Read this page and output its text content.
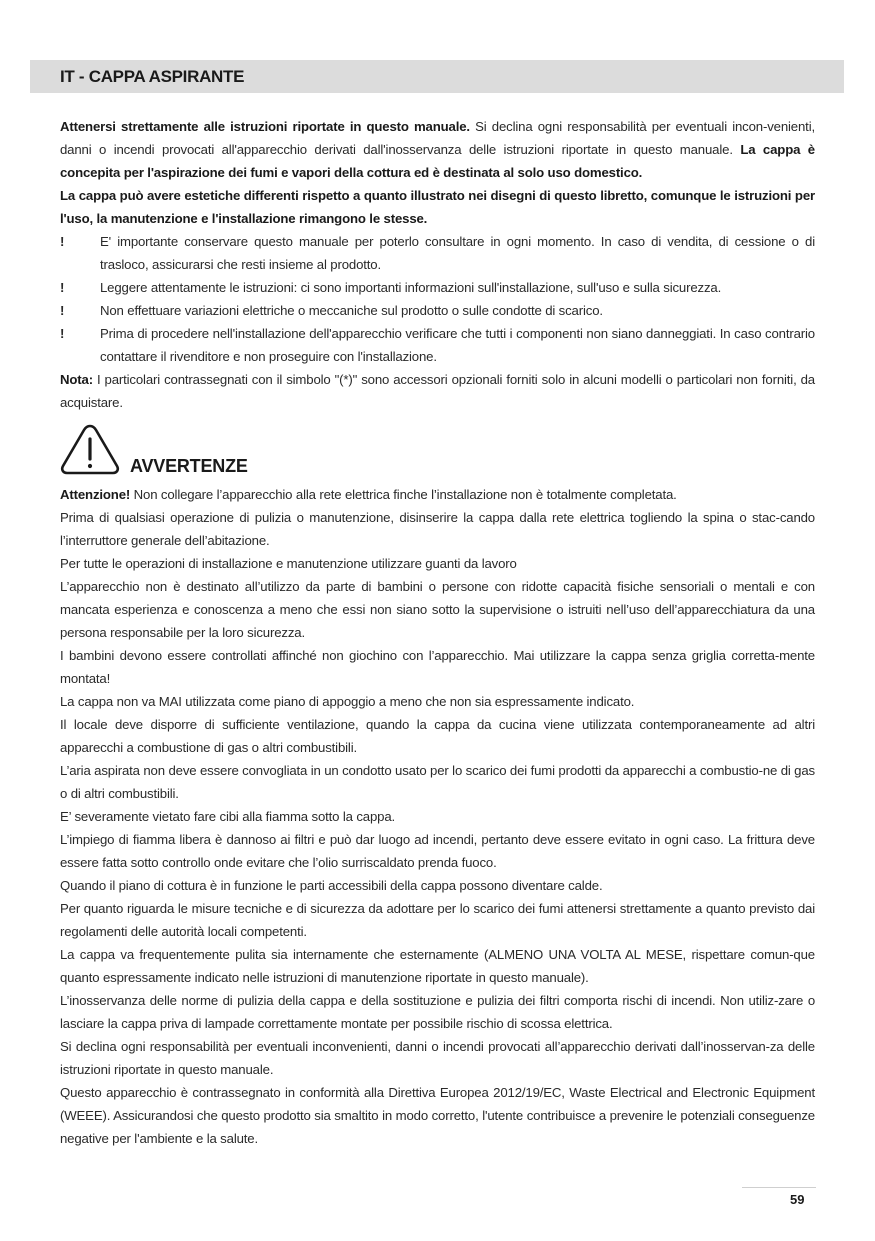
IT - CAPPA ASPIRANTE

Attenersi strettamente alle istruzioni riportate in questo manuale. Si declina ogni responsabilità per eventuali incon-venienti, danni o incendi provocati all'apparecchio derivati dall'inosservanza delle istruzioni riportate in questo manuale. La cappa è concepita per l'aspirazione dei fumi e vapori della cottura ed è destinata al solo uso domestico.

La cappa può avere estetiche differenti rispetto a quanto illustrato nei disegni di questo libretto, comunque le istruzioni per l'uso, la manutenzione e l'installazione rimangono le stesse.

!	E' importante conservare questo manuale per poterlo consultare in ogni momento. In caso di vendita, di cessione o di trasloco, assicurarsi che resti insieme al prodotto.

!	Leggere attentamente le istruzioni: ci sono importanti informazioni sull'installazione, sull'uso e sulla sicurezza.

!	Non effettuare variazioni elettriche o meccaniche sul prodotto o sulle condotte di scarico.

!	Prima di procedere nell'installazione dell'apparecchio verificare che tutti i componenti non siano danneggiati. In caso contrario contattare il rivenditore e non proseguire con l'installazione.

Nota: I particolari contrassegnati con il simbolo "(*)" sono accessori opzionali forniti solo in alcuni modelli o particolari non forniti, da acquistare.

AVVERTENZE

Attenzione! Non collegare l’apparecchio alla rete elettrica finche l’installazione non è totalmente completata.

Prima di qualsiasi operazione di pulizia o manutenzione, disinserire la cappa dalla rete elettrica togliendo la spina o stac-cando l’interruttore generale dell’abitazione.

Per tutte le operazioni di installazione e manutenzione utilizzare guanti da lavoro

L’apparecchio non è destinato all’utilizzo da parte di bambini o persone con ridotte capacità fisiche sensoriali o mentali e con mancata esperienza e conoscenza a meno che essi non siano sotto la supervisione o istruiti nell’uso dell’apparecchiatura da una persona responsabile per la loro sicurezza.

I bambini devono essere controllati affinché non giochino con l’apparecchio. Mai utilizzare la cappa senza griglia corretta-mente montata!

La cappa non va MAI utilizzata come piano di appoggio a meno che non sia espressamente indicato.

Il locale deve disporre di sufficiente ventilazione, quando la cappa da cucina viene utilizzata contemporaneamente ad altri apparecchi a combustione di gas o altri combustibili.

L’aria aspirata non deve essere convogliata in un condotto usato per lo scarico dei fumi prodotti da apparecchi a combustio-ne di gas o di altri combustibili.

E’ severamente vietato fare cibi alla fiamma sotto la cappa.

L’impiego di fiamma libera è dannoso ai filtri e può dar luogo ad incendi, pertanto deve essere evitato in ogni caso. La frittura deve essere fatta sotto controllo onde evitare che l’olio surriscaldato prenda fuoco.

Quando il piano di cottura è in funzione le parti accessibili della cappa possono diventare calde.

Per quanto riguarda le misure tecniche e di sicurezza da adottare per lo scarico dei fumi attenersi strettamente a quanto previsto dai regolamenti delle autorità locali competenti.

La cappa va frequentemente pulita sia internamente che esternamente (ALMENO UNA VOLTA AL MESE, rispettare comun-que quanto espressamente indicato nelle istruzioni di manutenzione riportate in questo manuale).

L’inosservanza delle norme di pulizia della cappa e della sostituzione e pulizia dei filtri comporta rischi di incendi. Non utiliz-zare o lasciare la cappa priva di lampade correttamente montate per possibile rischio di scossa elettrica.

Si declina ogni responsabilità per eventuali inconvenienti, danni o incendi provocati all’apparecchio derivati dall’inosservan-za delle istruzioni riportate in questo manuale.

Questo apparecchio è contrassegnato in conformità alla Direttiva Europea 2012/19/EC, Waste Electrical and Electronic Equipment (WEEE). Assicurandosi che questo prodotto sia smaltito in modo corretto, l'utente contribuisce a prevenire le potenziali conseguenze negative per l'ambiente e la salute.

59
